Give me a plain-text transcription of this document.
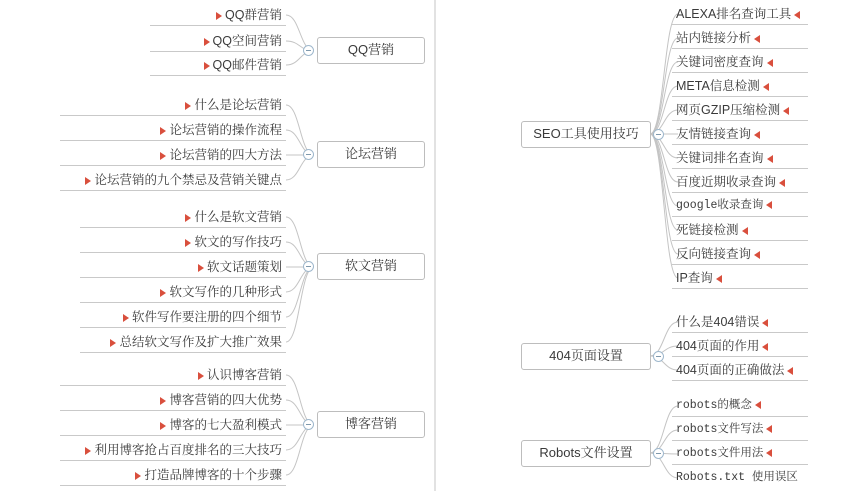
QQ群营销
QQ空间营销
QQ邮件营销
QQ营销
什么是论坛营销
论坛营销的操作流程
论坛营销的四大方法
论坛营销的九个禁忌及营销关键点
论坛营销
什么是软文营销
软文的写作技巧
软文话题策划
软文写作的几种形式
软件写作要注册的四个细节
总结软文写作及扩大推广效果
软文营销
认识博客营销
博客营销的四大优势
博客的七大盈利模式
利用博客抢占百度排名的三大技巧
打造品牌博客的十个步骤
博客营销
SEO工具使用技巧
ALEXA排名查询工具
站内链接分析
关键词密度查询
META信息检测
网页GZIP压缩检测
友情链接查询
关键词排名查询
百度近期收录查询
google收录查询
死链接检测
反向链接查询
IP查询
404页面设置
什么是404错误
404页面的作用
404页面的正确做法
Robots文件设置
robots的概念
robots文件写法
robots文件用法
Robots.txt 使用误区
